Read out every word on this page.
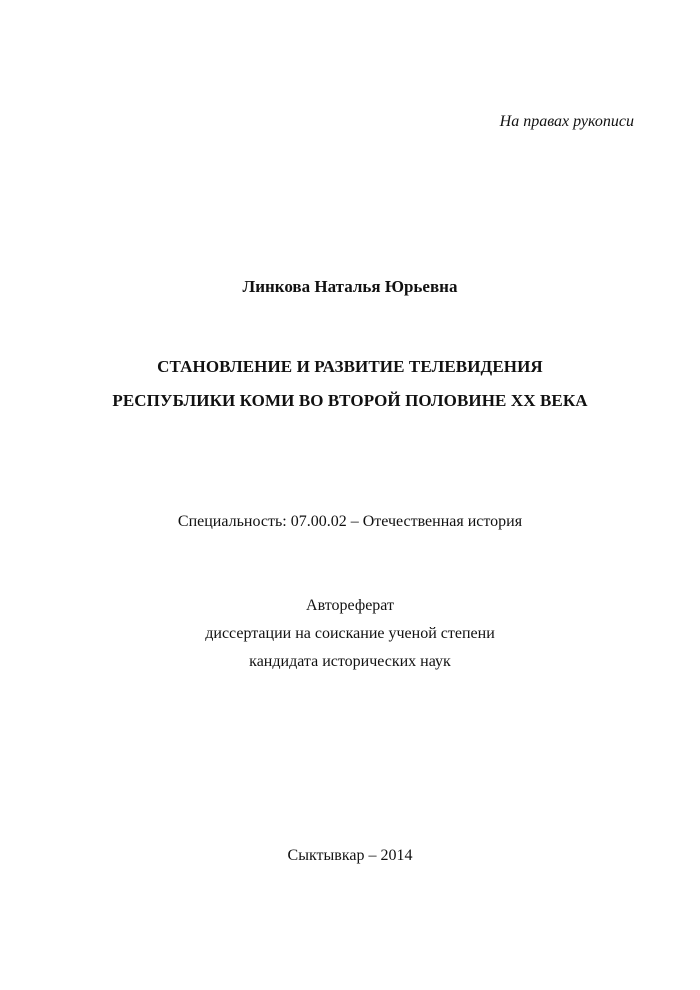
На правах рукописи
Линкова Наталья Юрьевна
СТАНОВЛЕНИЕ И РАЗВИТИЕ ТЕЛЕВИДЕНИЯ
РЕСПУБЛИКИ КОМИ ВО ВТОРОЙ ПОЛОВИНЕ XX ВЕКА
Специальность: 07.00.02 – Отечественная история
Автореферат
диссертации на соискание ученой степени
кандидата исторических наук
Сыктывкар – 2014
